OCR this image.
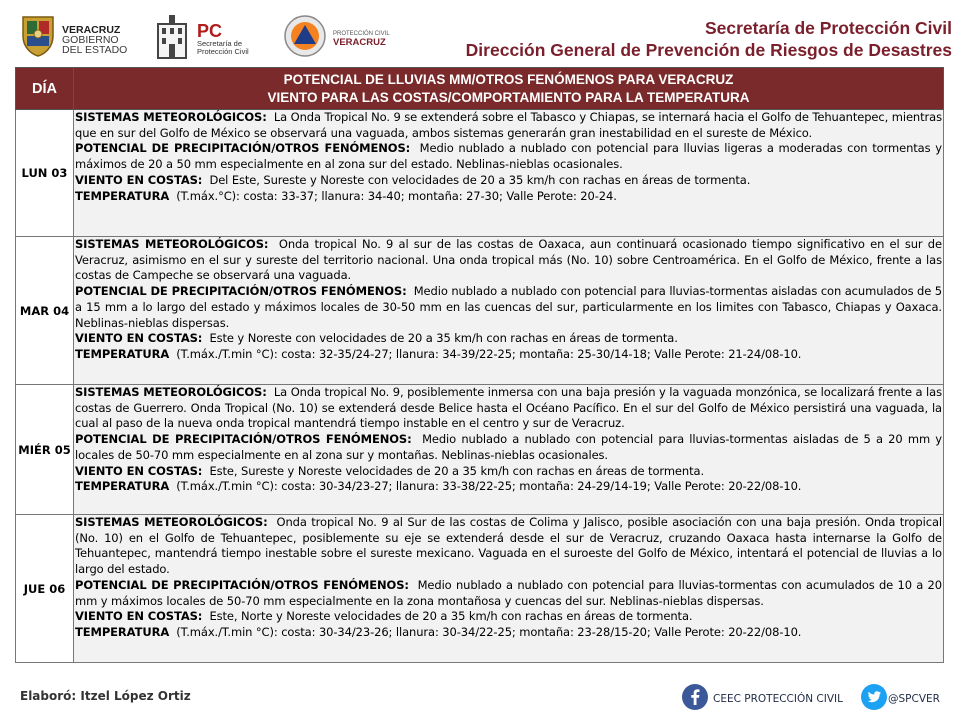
VERACRUZ
GOBIERNO
DEL ESTADO
PC
Secretaría de
Protección Civil
PROTECCIÓN CIVIL
VERACRUZ
Secretaría de Protección Civil
Dirección General de Prevención de Riesgos de Desastres
DÍA	POTENCIAL DE LLUVIAS MM/OTROS FENÓMENOS PARA VERACRUZ
VIENTO PARA LAS COSTAS/COMPORTAMIENTO PARA LA TEMPERATURA

LUN 03	SISTEMAS METEOROLÓGICOS: La Onda Tropical No. 9 se extenderá sobre el Tabasco y Chiapas, se internará hacia el Golfo de Tehuantepec, mientras que en sur del Golfo de México se observará una vaguada, ambos sistemas generarán gran inestabilidad en el sureste de México.

POTENCIAL DE PRECIPITACIÓN/OTROS FENÓMENOS: Medio nublado a nublado con potencial para lluvias ligeras a moderadas con tormentas y máximos de 20 a 50 mm especialmente en al zona sur del estado. Neblinas-nieblas ocasionales.

VIENTO EN COSTAS: Del Este, Sureste y Noreste con velocidades de 20 a 35 km/h con rachas en áreas de tormenta.

TEMPERATURA (T.máx.°C): costa: 33-37; llanura: 34-40; montaña: 27-30; Valle Perote: 20-24.

MAR 04	SISTEMAS METEOROLÓGICOS: Onda tropical No. 9 al sur de las costas de Oaxaca, aun continuará ocasionado tiempo significativo en el sur de Veracruz, asimismo en el sur y sureste del territorio nacional. Una onda tropical más (No. 10) sobre Centroamérica. En el Golfo de México, frente a las costas de Campeche se observará una vaguada.

POTENCIAL DE PRECIPITACIÓN/OTROS FENÓMENOS: Medio nublado a nublado con potencial para lluvias-tormentas aisladas con acumulados de 5 a 15 mm a lo largo del estado y máximos locales de 30-50 mm en las cuencas del sur, particularmente en los limites con Tabasco, Chiapas y Oaxaca. Neblinas-nieblas dispersas.

VIENTO EN COSTAS: Este y Noreste con velocidades de 20 a 35 km/h con rachas en áreas de tormenta.

TEMPERATURA (T.máx./T.min °C): costa: 32-35/24-27; llanura: 34-39/22-25; montaña: 25-30/14-18; Valle Perote: 21-24/08-10.

MIÉR 05	SISTEMAS METEOROLÓGICOS: La Onda tropical No. 9, posiblemente inmersa con una baja presión y la vaguada monzónica, se localizará frente a las costas de Guerrero. Onda Tropical (No. 10) se extenderá desde Belice hasta el Océano Pacífico. En el sur del Golfo de México persistirá una vaguada, la cual al paso de la nueva onda tropical mantendrá tiempo instable en el centro y sur de Veracruz.

POTENCIAL DE PRECIPITACIÓN/OTROS FENÓMENOS: Medio nublado a nublado con potencial para lluvias-tormentas aisladas de 5 a 20 mm y locales de 50-70 mm especialmente en al zona sur y montañas. Neblinas-nieblas ocasionales.

VIENTO EN COSTAS: Este, Sureste y Noreste velocidades de 20 a 35 km/h con rachas en áreas de tormenta.

TEMPERATURA (T.máx./T.min °C): costa: 30-34/23-27; llanura: 33-38/22-25; montaña: 24-29/14-19; Valle Perote: 20-22/08-10.

JUE 06	SISTEMAS METEOROLÓGICOS: Onda tropical No. 9 al Sur de las costas de Colima y Jalisco, posible asociación con una baja presión. Onda tropical (No. 10) en el Golfo de Tehuantepec, posiblemente su eje se extenderá desde el sur de Veracruz, cruzando Oaxaca hasta internarse la Golfo de Tehuantepec, mantendrá tiempo inestable sobre el sureste mexicano. Vaguada en el suroeste del Golfo de México, intentará el potencial de lluvias a lo largo del estado.

POTENCIAL DE PRECIPITACIÓN/OTROS FENÓMENOS: Medio nublado a nublado con potencial para lluvias-tormentas con acumulados de 10 a 20 mm y máximos locales de 50-70 mm especialmente en la zona montañosa y cuencas del sur. Neblinas-nieblas dispersas.

VIENTO EN COSTAS: Este, Norte y Noreste velocidades de 20 a 35 km/h con rachas en áreas de tormenta.

TEMPERATURA (T.máx./T.min °C): costa: 30-34/23-26; llanura: 30-34/22-25; montaña: 23-28/15-20; Valle Perote: 20-22/08-10.

Elaboró: Itzel López Ortiz	CEEC PROTECCIÓN CIVIL	@SPCVER
